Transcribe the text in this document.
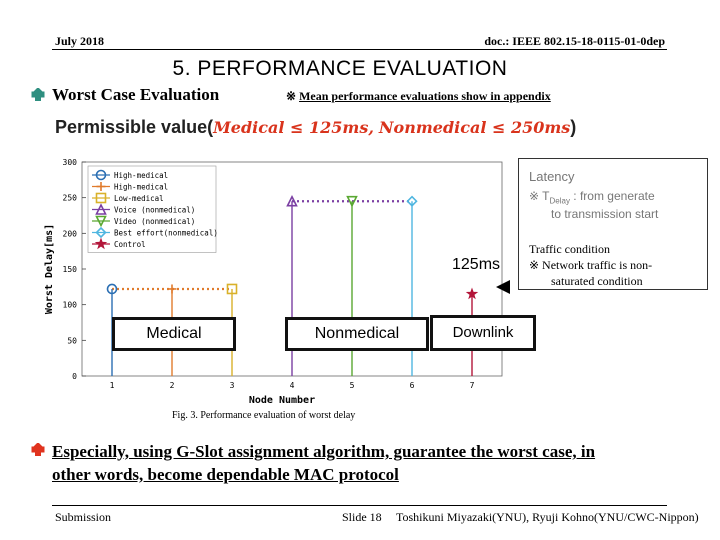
July 2018	doc.: IEEE 802.15-18-0115-01-0dep
5. PERFORMANCE EVALUATION
Worst Case Evaluation	※ Mean performance evaluations show in appendix
Permissible value(Medical ≤ 125ms, Nonmedical ≤ 250ms)
0
50
100
150
200
250
300
1	2	3	4	5	6	7
Node Number
Worst Delay[ms]
High-medical
High-medical
Low-medical
Voice (nonmedical)
Video (nonmedical)
Best effort(nonmedical)
Control
Latency
※ $T_{Delay}$ : from generate
to transmission start
Traffic condition
※ Network traffic is non-
saturated condition
125ms
Medical	Nonmedical	Downlink
Fig. 3. Performance evaluation of worst delay
Especially, using G-Slot assignment algorithm, guarantee the worst case, in
other words, become dependable MAC protocol
Submission	Slide 18 Toshikuni Miyazaki(YNU), Ryuji Kohno(YNU/CWC-Nippon)
